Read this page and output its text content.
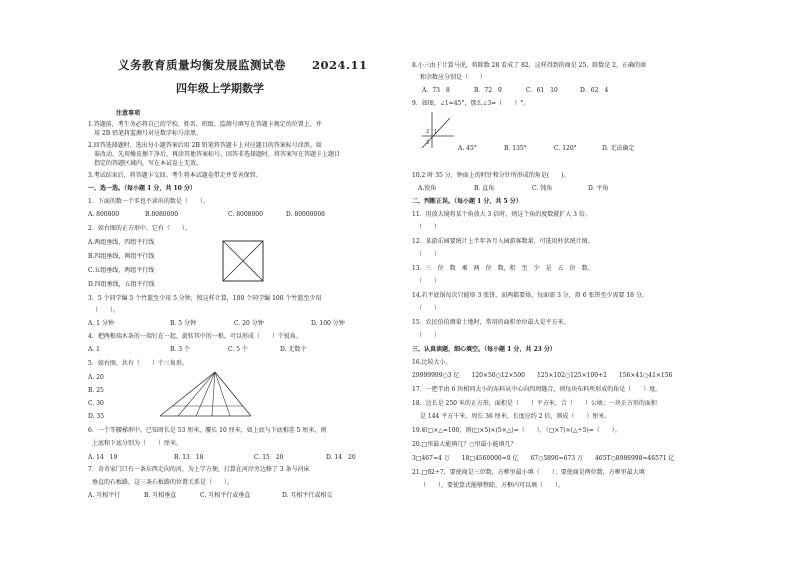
义务教育质量均衡发展监测试卷 2024.11
四年级上学期数学
注意事项
1.答题前，考生务必将自己的学校、姓名、班级、监测号填写在答题卡规定的位置上，并
用 2B 铅笔将监测号对应数字标号涂黑。
2.回答选择题时，选出每小题答案后用 2B 铅笔将答题卡上对应题目的答案标号涂黑。如
需改动，先用橡皮擦干净后，再涂其他答案标号。回答非选择题时，将答案写在答题卡上题目
指定的答题区域内，写在本试卷上无效。
3.考试结束后，将答题卡交回。考生将本试题卷带走并妥善保管。
一、选一选。（每小题 1 分，共 10 分）
1．下面的数一个零也不读出的数是（　　）。
A. 800800	B.8080000	C. 8008000	D. 80000008
2．如右图的正方形中，它有（　　）。
A.两组垂线，四组平行线
B.四组垂线，两组平行线
C.五组垂线，两组平行线
D.四组垂线，五组平行线
3．5 个同学编 5 个竹篮至少用 5 分钟，照这样计算，100 个同学编 100 个竹篮至少用
（　　）。
A. 1 分钟	B. 5 分钟	C. 20 分钟	D. 100 分钟
4．把两根端木条的一端钉在一起，旋转其中的一根，可以形成（　　）个锐角。
A. 1	B. 3 个	C. 5 个	D. 无数个
5．如右图，共有（　　）个三角形。
A. 20
B. 25
C. 30
D. 35
6．一个等腰梯形中，已知周长是 53 厘米，腰长 10 厘米，如上底与下底相差 5 厘米，则
上底和下底分别为（　　）厘米。
A. 14　19	B. 13　18	C. 15　20	D. 14　20
7．奇奇家门口有一条东西走向的河，为上学方便，打算在河岸旁边修了 3 条与河床
垂直的石板路，这三条石板路的位置关系是（　　）。
A. 互相平行	B. 互相垂直	C. 互相平行或垂直	D. 互相平行或相交
8.小三由于计算马虎，将除数 28 看成了 82，这样得到的商是 25，除数是 2，正确的商
和余数应分别是（　　）
A．73　8	B．72　9	C．61　10	D．62　4
9．如图，∠1=45°，那么∠3=（　　）°。
1
2
3
A. 45°	B. 135°	C. 120°	D. 无法确定
10.2 时 35 分，钟面上的时针和分针所形成的角是(　　)。
A.锐角	B. 直角	C. 钝角	D. 平角
二、判断正误。（每小题 1 分，共 5 分）
11．用放大镜将某个角放大 3 倍时，则这个角的度数就扩大 3 倍。
（　　）
12．某游乐园要统计上半年各月入园游客数量，可选用柱状统计图。
（　　）
13．三　位　数　乘　两　位　数，积　至　少　是　五　位　数。
（　　）
14.若平底锅每次只能烙 3 张饼，而两都要烙，每面需 3 分，烙 6 张饼至少需要 18 分。
（　　）
15．农民伯伯测量土地时，常用的面积单位最大是平方米。
（　　）
三、认真读题，细心填空。（每小题 1 分，共 23 分）
16.比较大小。
29999999○3 亿　　120×50○12×500　　125×102○125×100+2　　156×41○41×156
17．一把半由 6 块相同大小的布料从中心向四周缝合，则每块布料所形成的角是（　　）度。
18．边长是 250 米的正方形，面积是（　　）平方米，合（　　）公顷；一块正方形的面积
是 144 平方千米，周长 36 厘米，长度应约 2 倍，则成（　　）厘米。
19.如□×△=100，则(□×5)×(5×△)=（　　），（□×7)×(△÷5)=（　　）。
20.□里最大能填几？○里最小能填几？
3□467≈4 万　　18□4560000≈9 亿　　67○5890≈673 万　　465T○8986998≈46571 亿
21.□92÷7，要使商是三位数，方框里最小填（　　）；要使商是两位数，方框里最大填
（　　），要使算式能够整除，方框内可以填（　　）。
